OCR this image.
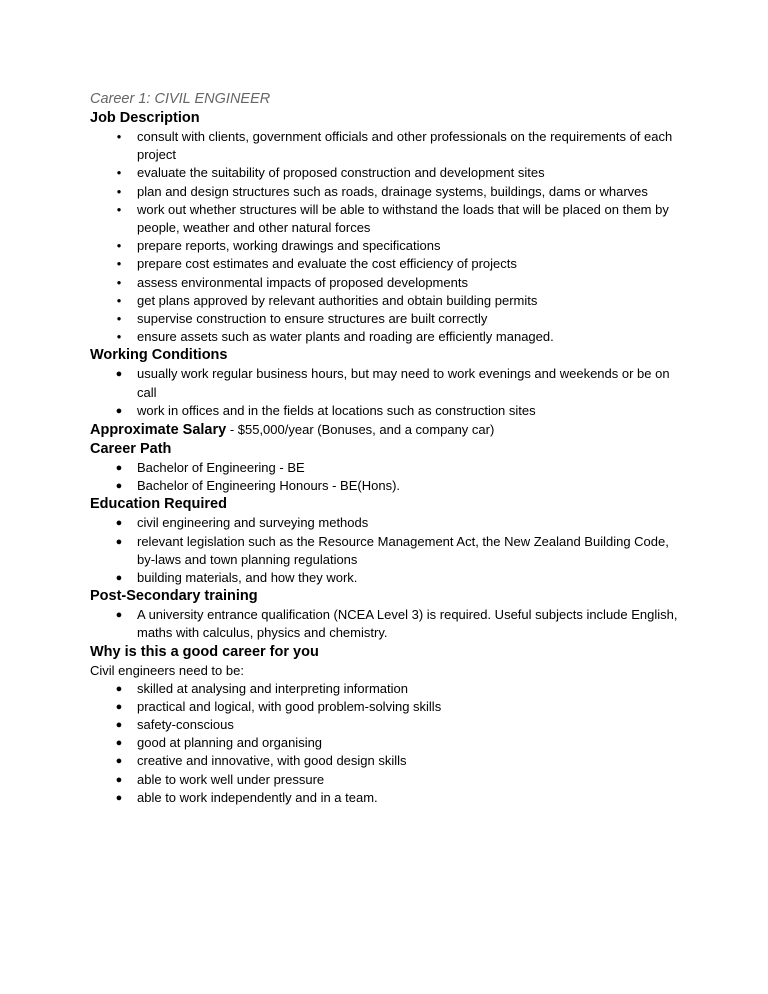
Career 1: CIVIL ENGINEER

Job Description

● consult with clients, government officials and other professionals on the requirements of each project
● evaluate the suitability of proposed construction and development sites
● plan and design structures such as roads, drainage systems, buildings, dams or wharves
● work out whether structures will be able to withstand the loads that will be placed on them by people, weather and other natural forces
● prepare reports, working drawings and specifications
● prepare cost estimates and evaluate the cost efficiency of projects
● assess environmental impacts of proposed developments
● get plans approved by relevant authorities and obtain building permits
● supervise construction to ensure structures are built correctly
● ensure assets such as water plants and roading are efficiently managed.

Working Conditions

● usually work regular business hours, but may need to work evenings and weekends or be on call
● work in offices and in the fields at locations such as construction sites

Approximate Salary - $55,000/year (Bonuses, and a company car)

Career Path

● Bachelor of Engineering - BE
● Bachelor of Engineering Honours - BE(Hons).

Education Required

● civil engineering and surveying methods
● relevant legislation such as the Resource Management Act, the New Zealand Building Code, by-laws and town planning regulations
● building materials, and how they work.

Post-Secondary training

● A university entrance qualification (NCEA Level 3) is required. Useful subjects include English, maths with calculus, physics and chemistry.

Why is this a good career for you

Civil engineers need to be:

● skilled at analysing and interpreting information
● practical and logical, with good problem-solving skills
● safety-conscious
● good at planning and organising
● creative and innovative, with good design skills
● able to work well under pressure
● able to work independently and in a team.
